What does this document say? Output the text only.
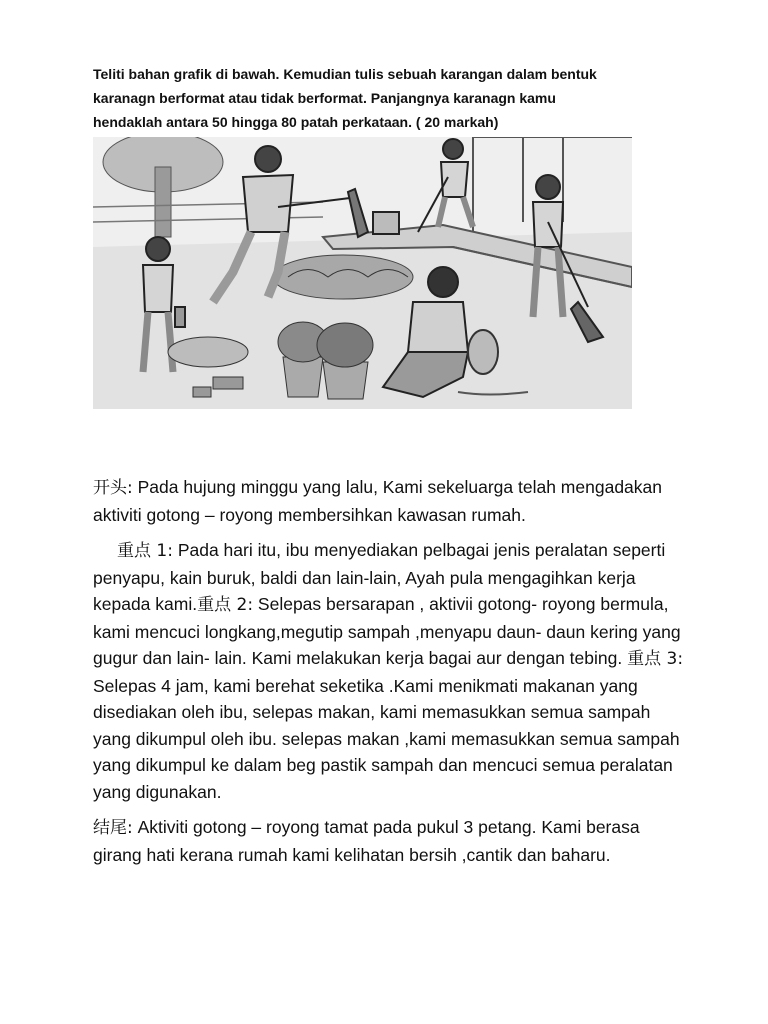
Teliti bahan grafik di bawah. Kemudian tulis sebuah karangan dalam bentuk

karanagn berformat atau tidak berformat. Panjangnya karanagn kamu

hendaklah antara 50 hingga 80 patah perkataan. ( 20 markah)

开头: Pada hujung minggu yang lalu, Kami sekeluarga telah mengadakan aktiviti gotong – royong membersihkan kawasan rumah.

重点 1: Pada hari itu, ibu menyediakan pelbagai jenis peralatan seperti penyapu, kain buruk, baldi dan lain-lain, Ayah pula mengagihkan kerja kepada kami.重点 2: Selepas bersarapan , aktivii gotong- royong bermula, kami mencuci longkang,megutip sampah ,menyapu daun- daun kering yang gugur dan lain- lain. Kami melakukan kerja bagai aur dengan tebing. 重点 3: Selepas 4 jam, kami berehat seketika .Kami menikmati makanan yang disediakan oleh ibu, selepas makan, kami memasukkan semua sampah yang dikumpul oleh ibu. selepas makan ,kami memasukkan semua sampah yang dikumpul ke dalam beg pastik sampah dan mencuci semua peralatan yang digunakan.

结尾: Aktiviti gotong – royong tamat pada pukul 3 petang. Kami berasa girang hati kerana rumah kami kelihatan bersih ,cantik dan baharu.
